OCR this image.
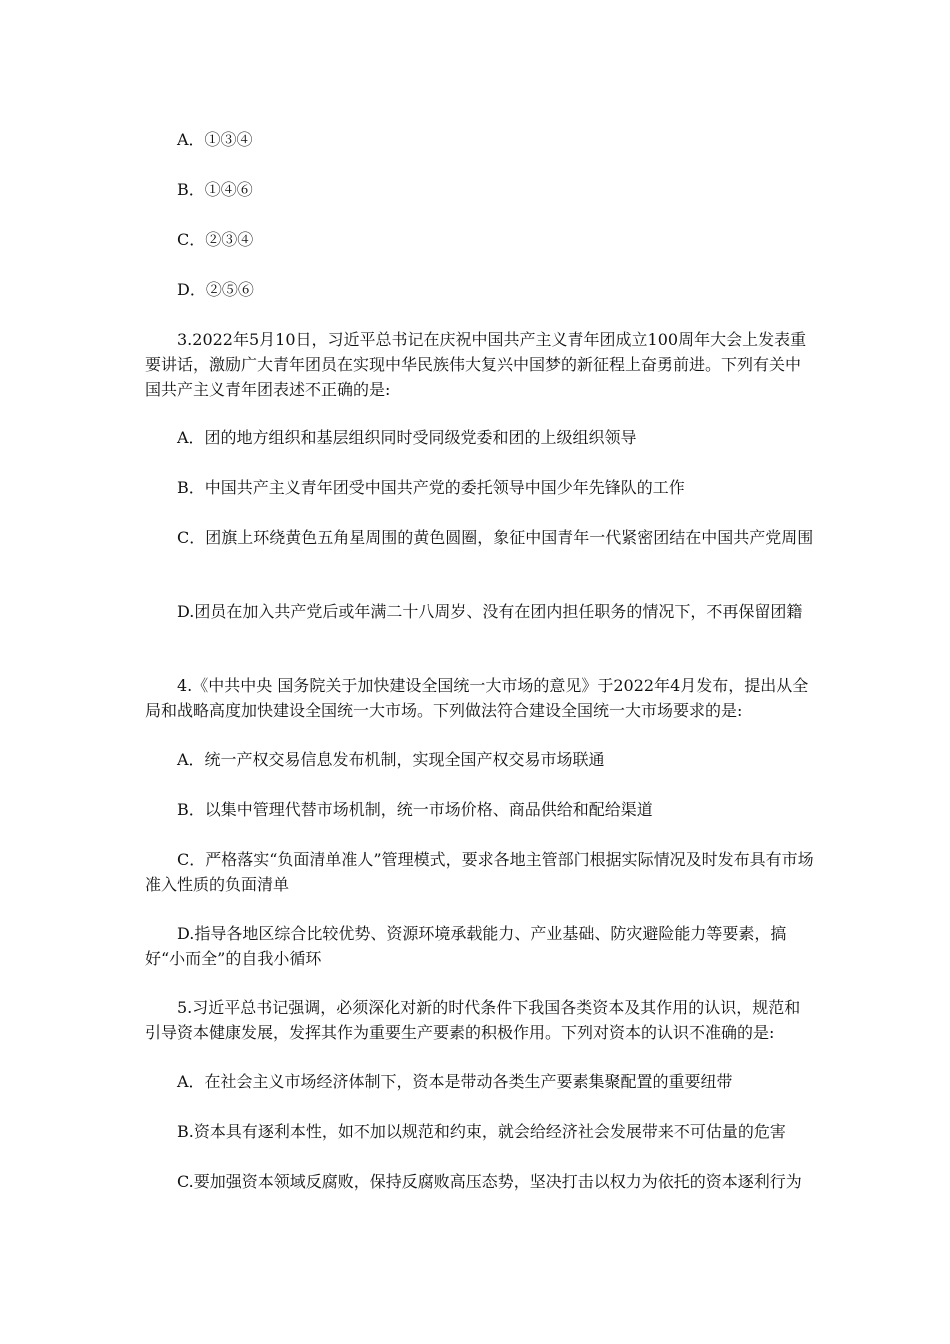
A．①③④

B．①④⑥

C．②③④

D．②⑤⑥

3.2022年5月10日，习近平总书记在庆祝中国共产主义青年团成立100周年大会上发表重要讲话，激励广大青年团员在实现中华民族伟大复兴中国梦的新征程上奋勇前进。下列有关中国共产主义青年团表述不正确的是:

A．团的地方组织和基层组织同时受同级党委和团的上级组织领导

B．中国共产主义青年团受中国共产党的委托领导中国少年先锋队的工作

C．团旗上环绕黄色五角星周围的黄色圆圈，象征中国青年一代紧密团结在中国共产党周围

D.团员在加入共产党后或年满二十八周岁、没有在团内担任职务的情况下，不再保留团籍

4.《中共中央 国务院关于加快建设全国统一大市场的意见》于2022年4月发布，提出从全局和战略高度加快建设全国统一大市场。下列做法符合建设全国统一大市场要求的是:

A．统一产权交易信息发布机制，实现全国产权交易市场联通

B．以集中管理代替市场机制，统一市场价格、商品供给和配给渠道

C．严格落实“负面清单准人”管理模式，要求各地主管部门根据实际情况及时发布具有市场准入性质的负面清单

D.指导各地区综合比较优势、资源环境承载能力、产业基础、防灾避险能力等要素，搞好“小而全”的自我小循环

5.习近平总书记强调，必须深化对新的时代条件下我国各类资本及其作用的认识，规范和引导资本健康发展，发挥其作为重要生产要素的积极作用。下列对资本的认识不准确的是:

A．在社会主义市场经济体制下，资本是带动各类生产要素集聚配置的重要纽带

B.资本具有逐利本性，如不加以规范和约束，就会给经济社会发展带来不可估量的危害

C.要加强资本领域反腐败，保持反腐败高压态势，坚决打击以权力为依托的资本逐利行为
